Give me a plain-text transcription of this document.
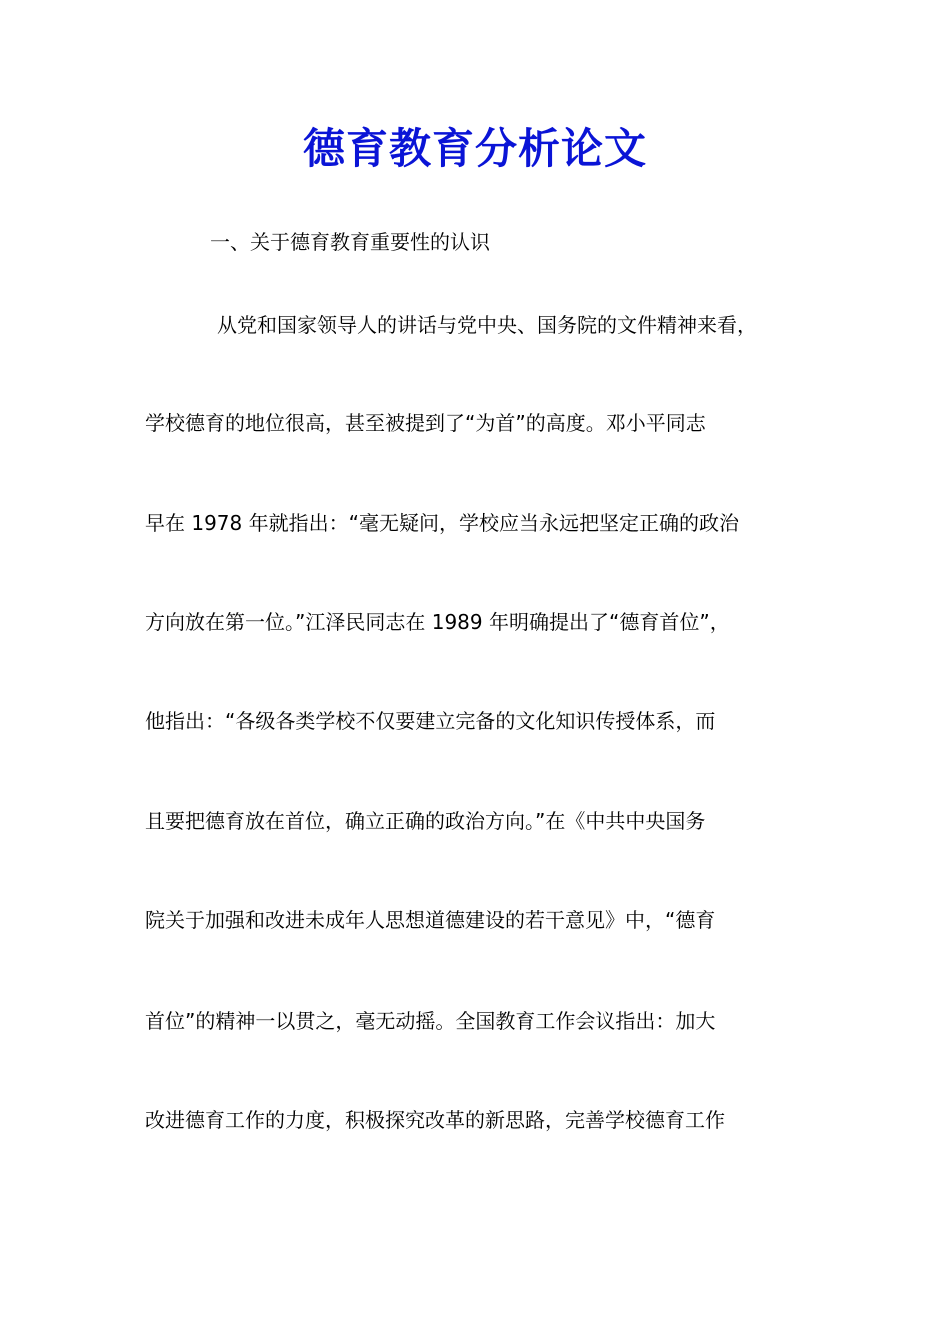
德育教育分析论文
一、关于德育教育重要性的认识
从党和国家领导人的讲话与党中央、国务院的文件精神来看，
学校德育的地位很高，甚至被提到了“为首”的高度。邓小平同志
早在 1978 年就指出：“毫无疑问，学校应当永远把坚定正确的政治
方向放在第一位。”江泽民同志在 1989 年明确提出了“德育首位”，
他指出：“各级各类学校不仅要建立完备的文化知识传授体系，而
且要把德育放在首位，确立正确的政治方向。”在《中共中央国务
院关于加强和改进未成年人思想道德建设的若干意见》中，“德育
首位”的精神一以贯之，毫无动摇。全国教育工作会议指出：加大
改进德育工作的力度，积极探究改革的新思路，完善学校德育工作
